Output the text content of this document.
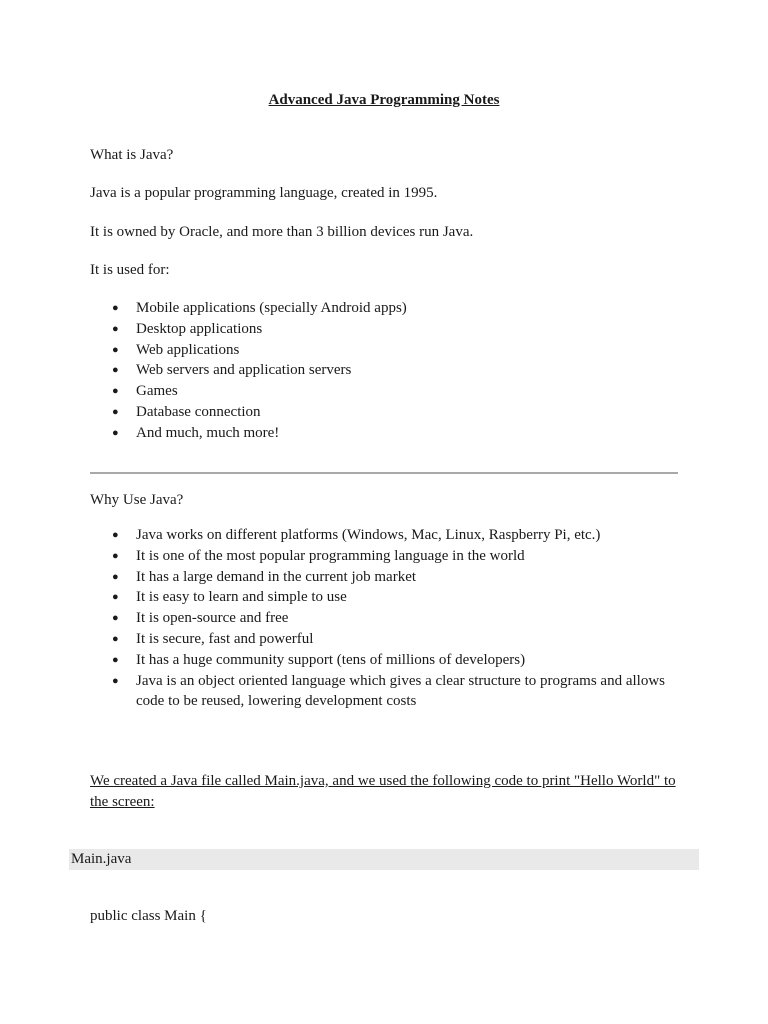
Advanced Java Programming Notes

What is Java?

Java is a popular programming language, created in 1995.

It is owned by Oracle, and more than 3 billion devices run Java.

It is used for:

● Mobile applications (specially Android apps)
● Desktop applications
● Web applications
● Web servers and application servers
● Games
● Database connection
● And much, much more!

Why Use Java?

● Java works on different platforms (Windows, Mac, Linux, Raspberry Pi, etc.)
● It is one of the most popular programming language in the world
● It has a large demand in the current job market
● It is easy to learn and simple to use
● It is open-source and free
● It is secure, fast and powerful
● It has a huge community support (tens of millions of developers)
● Java is an object oriented language which gives a clear structure to programs and allows code to be reused, lowering development costs

We created a Java file called Main.java, and we used the following code to print "Hello World" to the screen:

Main.java

public class Main {
